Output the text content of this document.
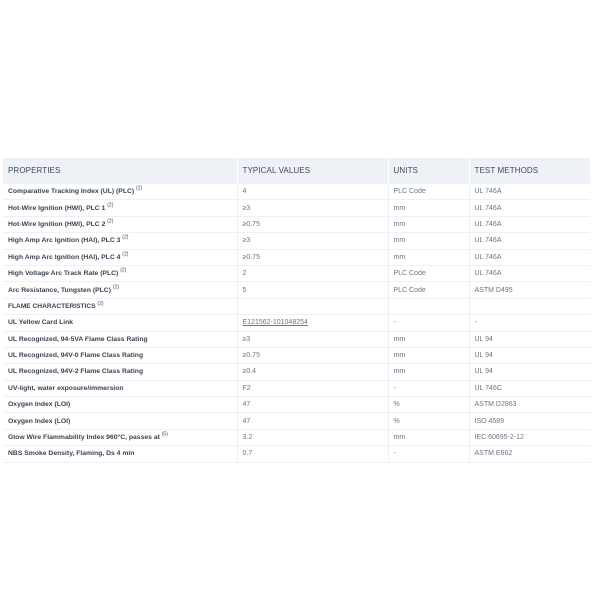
PROPERTIES	TYPICAL VALUES	UNITS	TEST METHODS
Comparative Tracking Index (UL) (PLC) $^{(2)}$	4	PLC Code	UL 746A
Hot-Wire Ignition (HWI), PLC 1 $^{(2)}$	≥3	mm	UL 746A
Hot-Wire Ignition (HWI), PLC 2 $^{(2)}$	≥0.75	mm	UL 746A
High Amp Arc Ignition (HAI), PLC 3 $^{(2)}$	≥3	mm	UL 746A
High Amp Arc Ignition (HAI), PLC 4 $^{(2)}$	≥0.75	mm	UL 746A
High Voltage Arc Track Rate (PLC) $^{(2)}$	2	PLC Code	UL 746A
Arc Resistance, Tungsten (PLC) $^{(2)}$	5	PLC Code	ASTM D495
FLAME CHARACTERISTICS $^{(2)}$			
UL Yellow Card Link	E121562-101048254	-	-
UL Recognized, 94-5VA Flame Class Rating	≥3	mm	UL 94
UL Recognized, 94V-0 Flame Class Rating	≥0.75	mm	UL 94
UL Recognized, 94V-2 Flame Class Rating	≥0.4	mm	UL 94
UV-light, water exposure/immersion	F2	-	UL 746C
Oxygen Index (LOI)	47	%	ASTM D2863
Oxygen Index (LOI)	47	%	ISO 4589
Glow Wire Flammability Index 960°C, passes at $^{(5)}$	3.2	mm	IEC 60695-2-12
NBS Smoke Density, Flaming, Ds 4 min	0.7	-	ASTM E662
